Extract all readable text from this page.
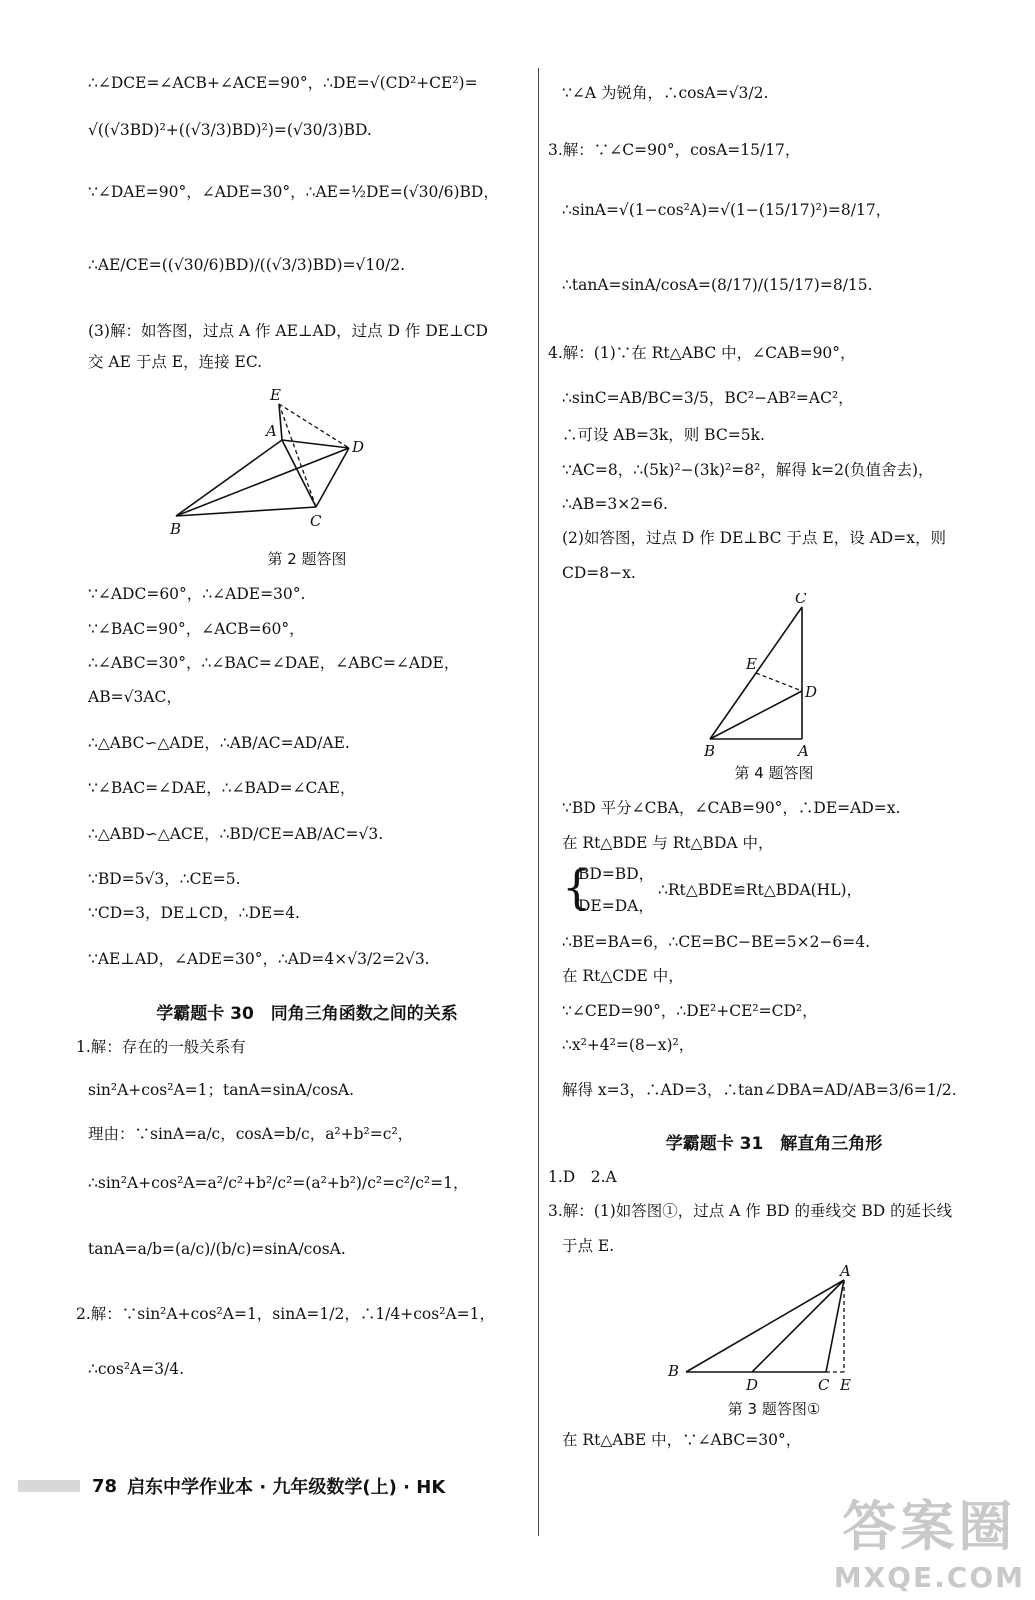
∴∠DCE=∠ACB+∠ACE=90°，∴DE=√(CD²+CE²)=

√((√3BD)²+((√3/3)BD)²)=(√30/3)BD.

∵∠DAE=90°，∠ADE=30°，∴AE=½DE=(√30/6)BD，

∴AE/CE=((√30/6)BD)/((√3/3)BD)=√10/2.

(3)解：如答图，过点 A 作 AE⊥AD，过点 D 作 DE⊥CD

交 AE 于点 E，连接 EC.

E
A
D
B	C
第 2 题答图

∵∠ADC=60°，∴∠ADE=30°.

∵∠BAC=90°，∠ACB=60°，

∴∠ABC=30°，∴∠BAC=∠DAE，∠ABC=∠ADE，

AB=√3AC，

∴△ABC∽△ADE，∴AB/AC=AD/AE.

∵∠BAC=∠DAE，∴∠BAD=∠CAE，

∴△ABD∽△ACE，∴BD/CE=AB/AC=√3.

∵BD=5√3，∴CE=5.

∵CD=3，DE⊥CD，∴DE=4.

∵AE⊥AD，∠ADE=30°，∴AD=4×√3/2=2√3.

学霸题卡 30　同角三角函数之间的关系

1.解：存在的一般关系有

sin²A+cos²A=1；tanA=sinA/cosA.

理由：∵sinA=a/c，cosA=b/c，a²+b²=c²，

∴sin²A+cos²A=a²/c²+b²/c²=(a²+b²)/c²=c²/c²=1，

tanA=a/b=(a/c)/(b/c)=sinA/cosA.

2.解：∵sin²A+cos²A=1，sinA=1/2，∴1/4+cos²A=1，

∴cos²A=3/4.

∵∠A 为锐角，∴cosA=√3/2.

3.解：∵∠C=90°，cosA=15/17，

∴sinA=√(1−cos²A)=√(1−(15/17)²)=8/17，

∴tanA=sinA/cosA=(8/17)/(15/17)=8/15.

4.解：(1)∵在 Rt△ABC 中，∠CAB=90°，

∴sinC=AB/BC=3/5，BC²−AB²=AC²，

∴可设 AB=3k，则 BC=5k.

∵AC=8，∴(5k)²−(3k)²=8²，解得 k=2(负值舍去)，

∴AB=3×2=6.

(2)如答图，过点 D 作 DE⊥BC 于点 E，设 AD=x，则

CD=8−x.

C
E
D
B	A
第 4 题答图

∵BD 平分∠CBA，∠CAB=90°，∴DE=AD=x.

在 Rt△BDE 与 Rt△BDA 中，

{

BD=BD，

∴Rt△BDE≌Rt△BDA(HL)，

DE=DA，

∴BE=BA=6，∴CE=BC−BE=5×2−6=4.

在 Rt△CDE 中，

∵∠CED=90°，∴DE²+CE²=CD²，

∴x²+4²=(8−x)²，

解得 x=3，∴AD=3，∴tan∠DBA=AD/AB=3/6=1/2.

学霸题卡 31　解直角三角形

1.D　2.A

3.解：(1)如答图①，过点 A 作 BD 的垂线交 BD 的延长线

于点 E.

A
B
D	C E
第 3 题答图①

在 Rt△ABE 中，∵∠ABC=30°，

78 启东中学作业本 · 九年级数学(上) · HK
答案圈
MXQE.COM
